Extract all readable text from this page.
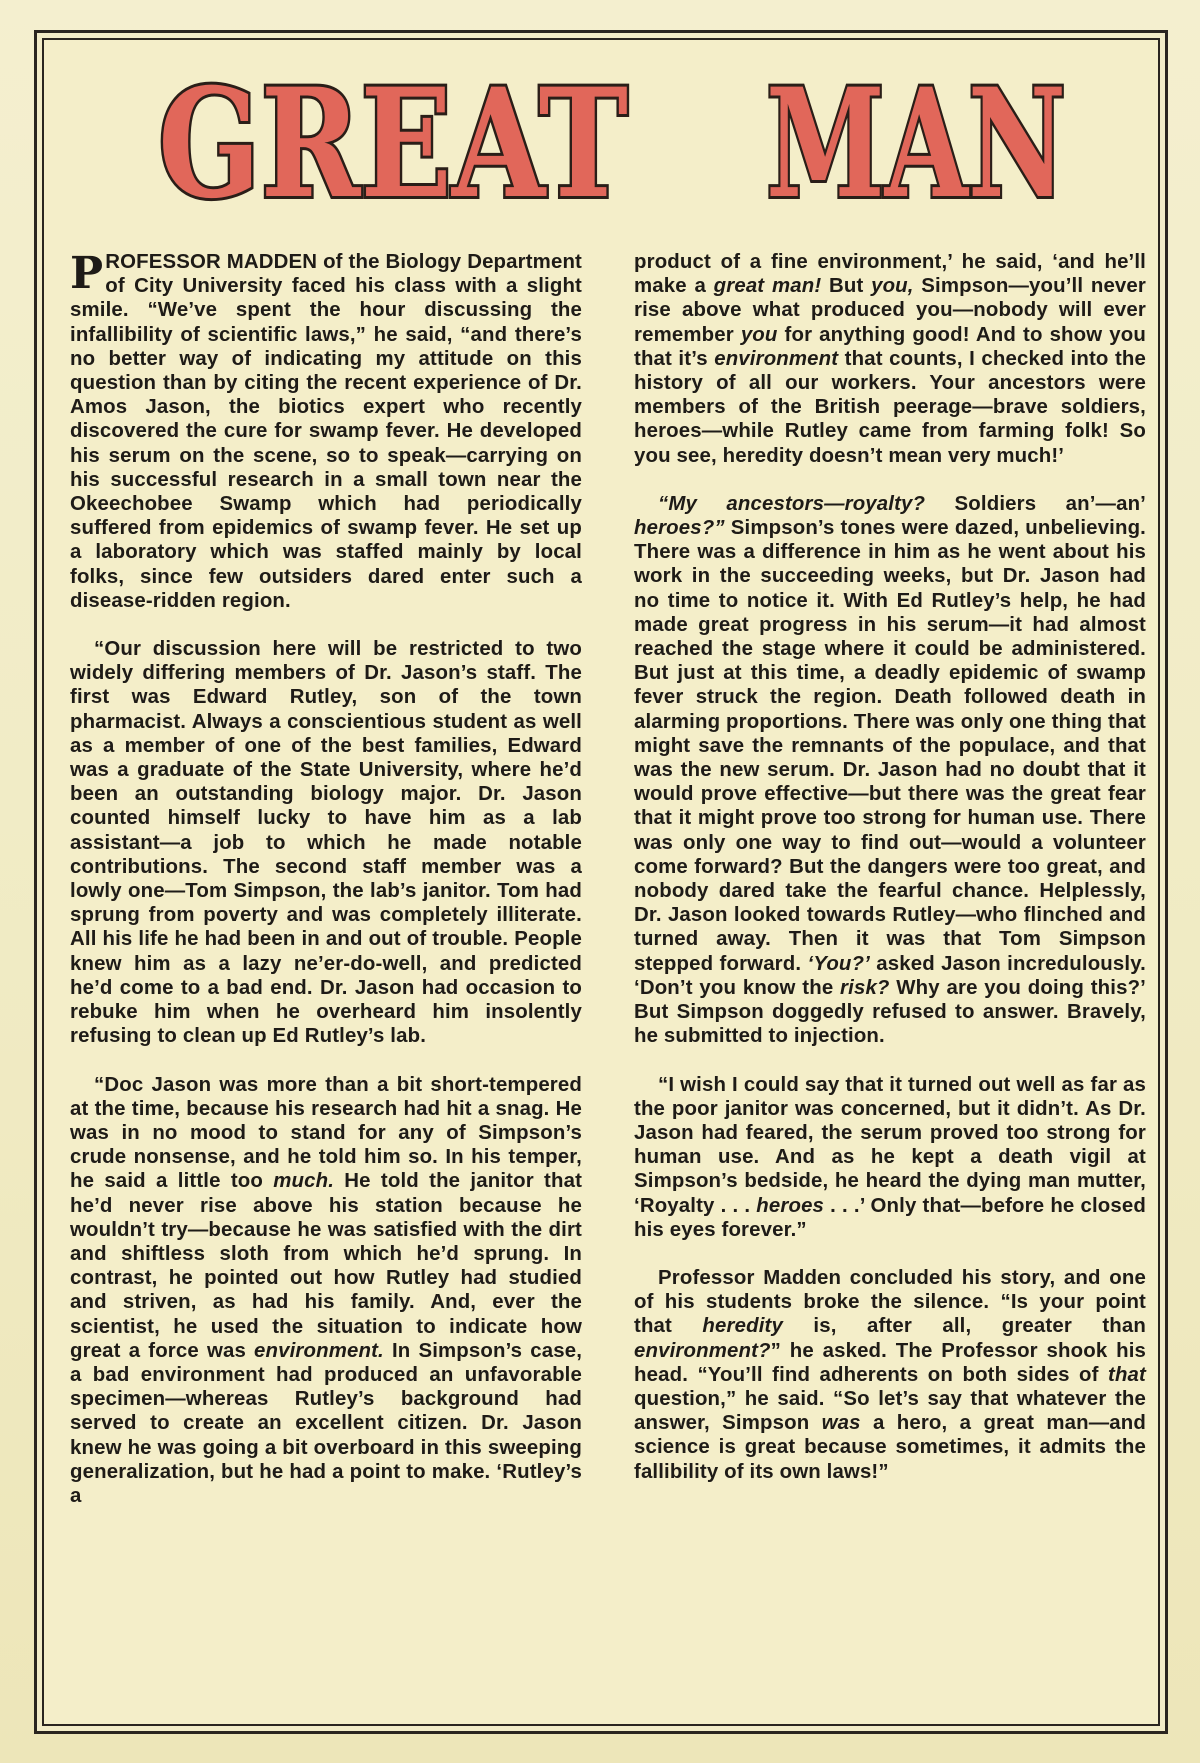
GREAT MAN

PROFESSOR MADDEN of the Biology Department of City University faced his class with a slight smile. “We’ve spent the hour discussing the infallibility of scientific laws,” he said, “and there’s no better way of indicating my attitude on this question than by citing the recent experience of Dr. Amos Jason, the biotics expert who recently discovered the cure for swamp fever. He developed his serum on the scene, so to speak—carrying on his successful research in a small town near the Okeechobee Swamp which had periodically suffered from epidemics of swamp fever. He set up a laboratory which was staffed mainly by local folks, since few outsiders dared enter such a disease-ridden region.

“Our discussion here will be restricted to two widely differing members of Dr. Jason’s staff. The first was Edward Rutley, son of the town pharmacist. Always a conscientious student as well as a member of one of the best families, Edward was a graduate of the State University, where he’d been an outstanding biology major. Dr. Jason counted himself lucky to have him as a lab assistant—a job to which he made notable contributions. The second staff member was a lowly one—Tom Simpson, the lab’s janitor. Tom had sprung from poverty and was completely illiterate. All his life he had been in and out of trouble. People knew him as a lazy ne’er-do-well, and predicted he’d come to a bad end. Dr. Jason had occasion to rebuke him when he overheard him insolently refusing to clean up Ed Rutley’s lab.

“Doc Jason was more than a bit short-tempered at the time, because his research had hit a snag. He was in no mood to stand for any of Simpson’s crude nonsense, and he told him so. In his temper, he said a little too much. He told the janitor that he’d never rise above his station because he wouldn’t try—because he was satisfied with the dirt and shiftless sloth from which he’d sprung. In contrast, he pointed out how Rutley had studied and striven, as had his family. And, ever the scientist, he used the situation to indicate how great a force was environment. In Simpson’s case, a bad environment had produced an unfavorable specimen—whereas Rutley’s background had served to create an excellent citizen. Dr. Jason knew he was going a bit overboard in this sweeping generalization, but he had a point to make. ‘Rutley’s a

product of a fine environment,’ he said, ‘and he’ll make a great man! But you, Simpson—you’ll never rise above what produced you—nobody will ever remember you for anything good! And to show you that it’s environment that counts, I checked into the history of all our workers. Your ancestors were members of the British peerage—brave soldiers, heroes—while Rutley came from farming folk! So you see, heredity doesn’t mean very much!’

“My ancestors—royalty? Soldiers an’—an’ heroes?” Simpson’s tones were dazed, unbelieving. There was a difference in him as he went about his work in the succeeding weeks, but Dr. Jason had no time to notice it. With Ed Rutley’s help, he had made great progress in his serum—it had almost reached the stage where it could be administered. But just at this time, a deadly epidemic of swamp fever struck the region. Death followed death in alarming proportions. There was only one thing that might save the remnants of the populace, and that was the new serum. Dr. Jason had no doubt that it would prove effective—but there was the great fear that it might prove too strong for human use. There was only one way to find out—would a volunteer come forward? But the dangers were too great, and nobody dared take the fearful chance. Helplessly, Dr. Jason looked towards Rutley—who flinched and turned away. Then it was that Tom Simpson stepped forward. ‘You?’ asked Jason incredulously. ‘Don’t you know the risk? Why are you doing this?’ But Simpson doggedly refused to answer. Bravely, he submitted to injection.

“I wish I could say that it turned out well as far as the poor janitor was concerned, but it didn’t. As Dr. Jason had feared, the serum proved too strong for human use. And as he kept a death vigil at Simpson’s bedside, he heard the dying man mutter, ‘Royalty . . . heroes . . .’ Only that—before he closed his eyes forever.”

Professor Madden concluded his story, and one of his students broke the silence. “Is your point that heredity is, after all, greater than environment?” he asked. The Professor shook his head. “You’ll find adherents on both sides of that question,” he said. “So let’s say that whatever the answer, Simpson was a hero, a great man—and science is great because sometimes, it admits the fallibility of its own laws!”
